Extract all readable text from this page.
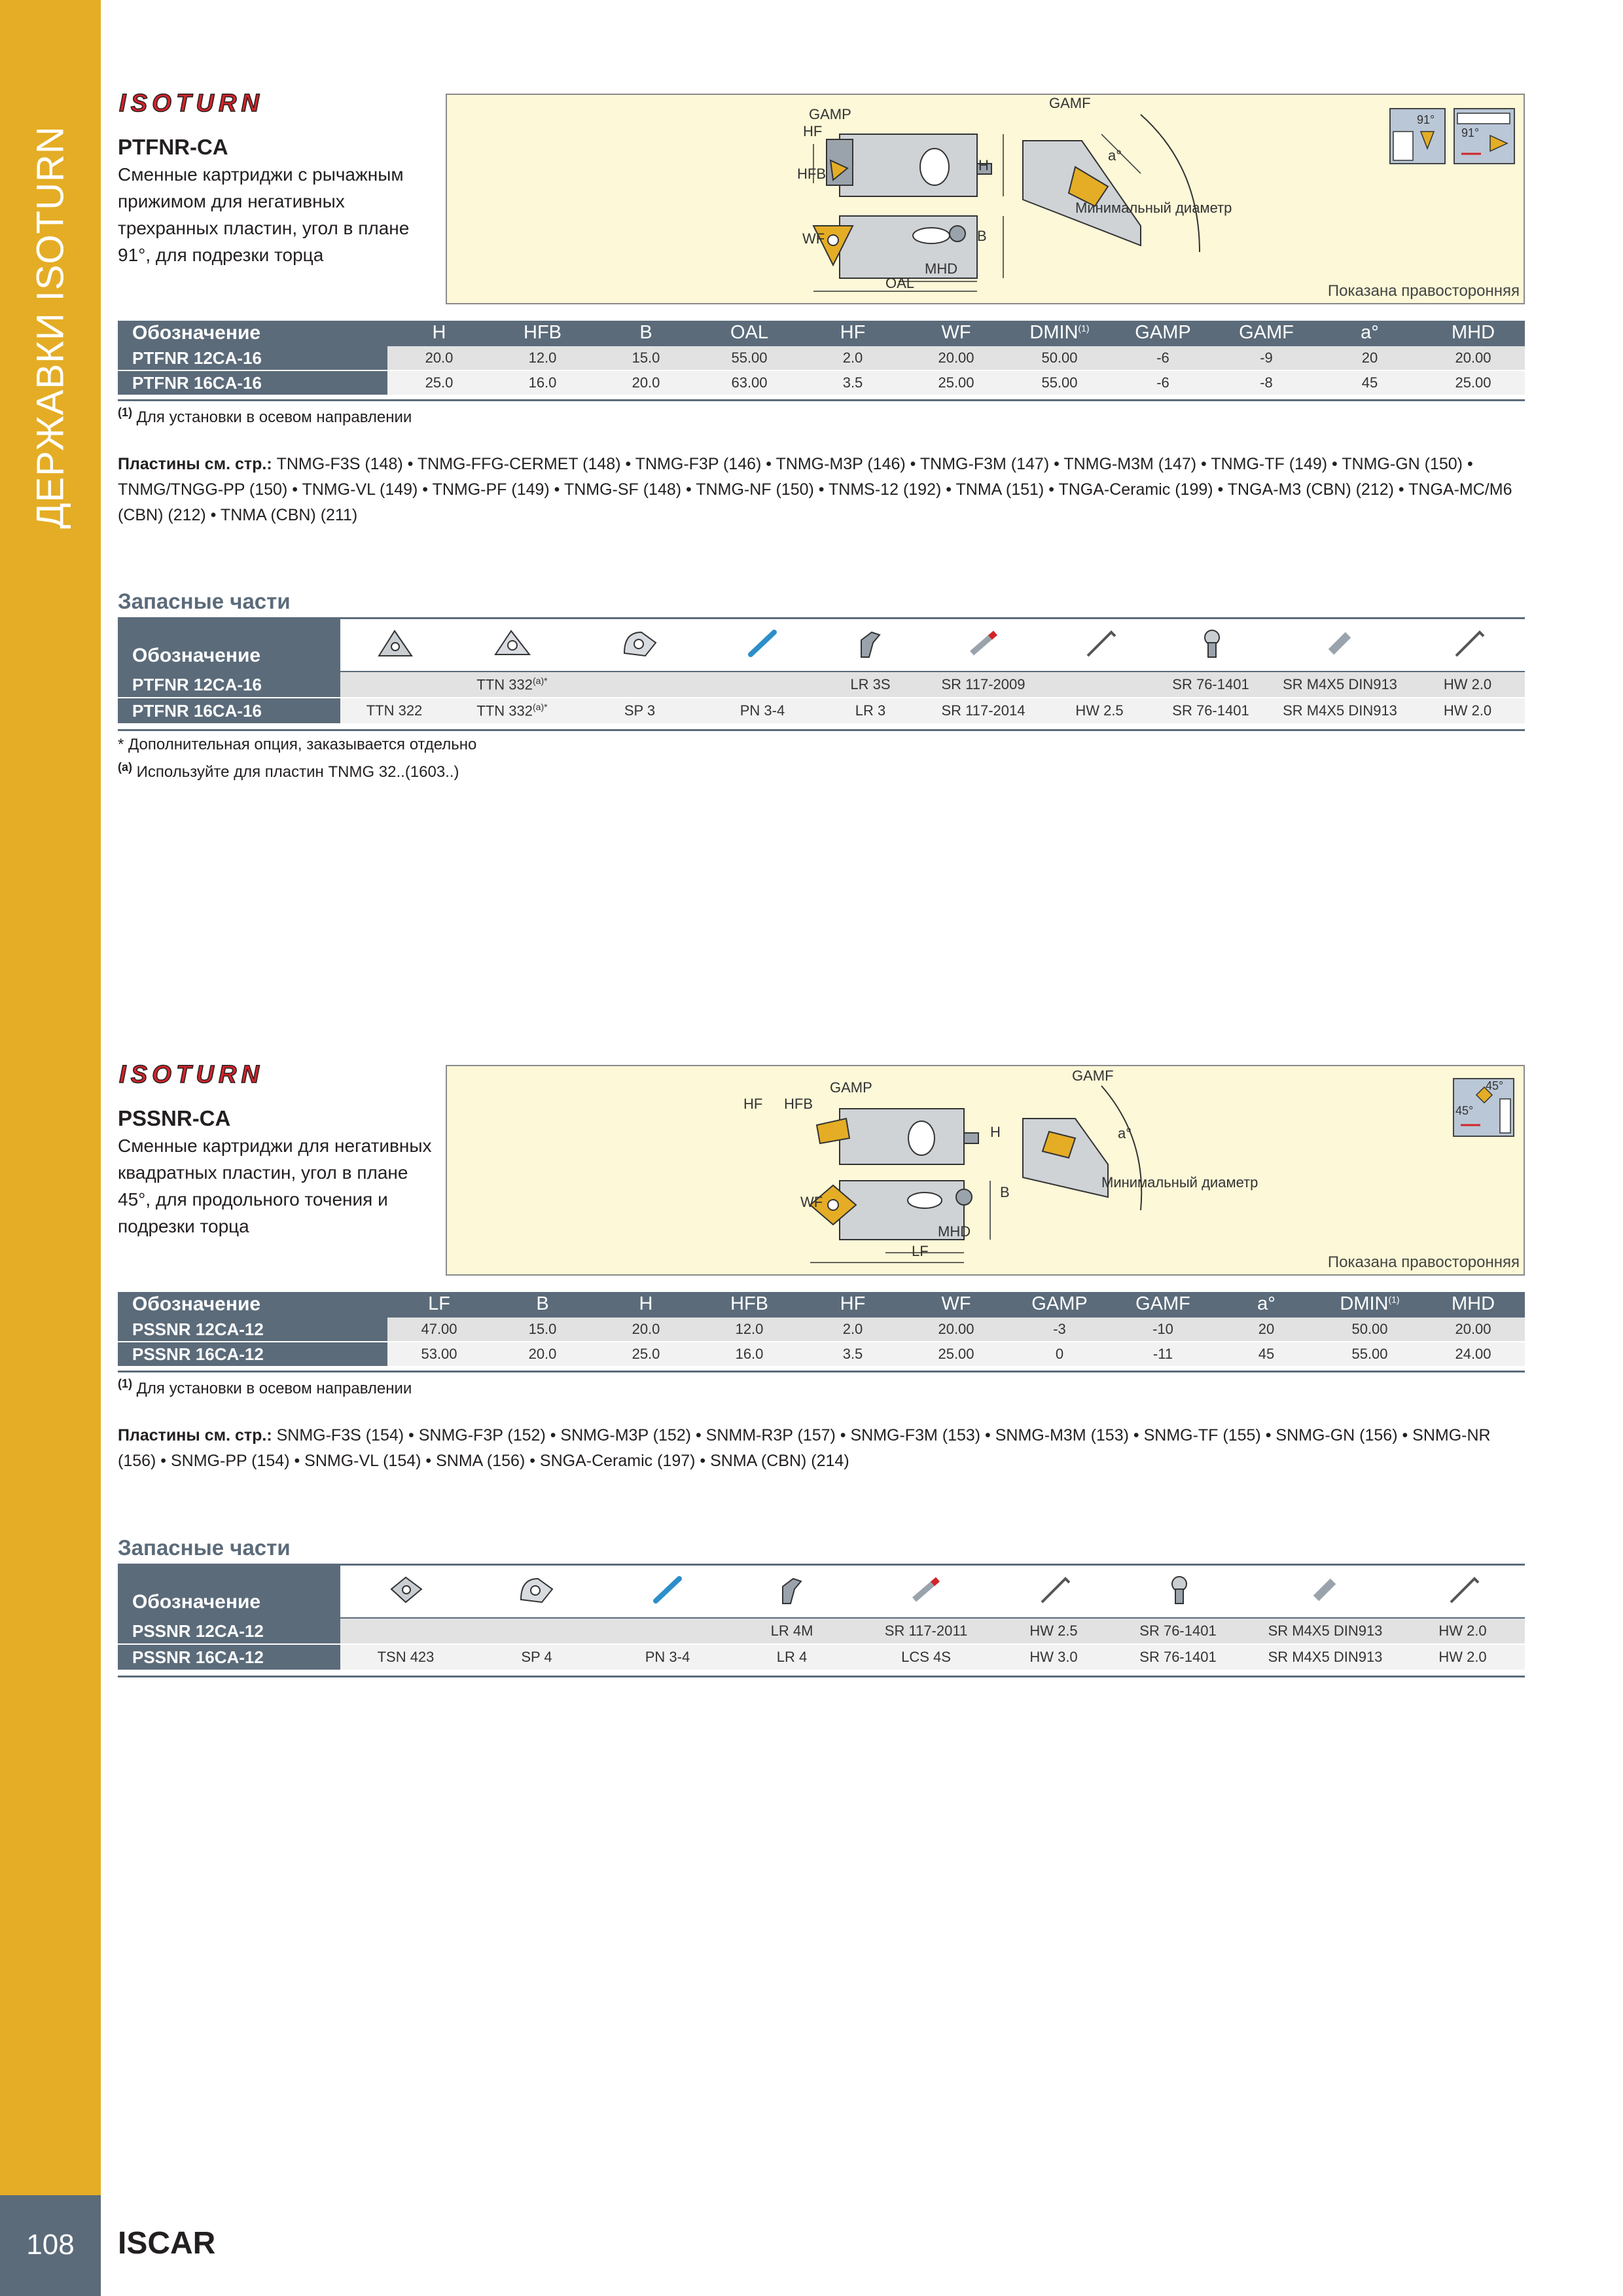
ДЕРЖАВКИ ISOTURN
108	ISCAR
ISOTURN
PTFNR-CA
Сменные картриджи с рычажным прижимом для негативных трехранных пластин, угол в плане 91°, для подрезки торца
HF
GAMP
GAMF
HFB
H
a°
WF	B
MHD
OAL
Минимальный диаметр
91°
91°
Показана правосторонняя
Обозначение	H	HFB	B	OAL	HF	WF	DMIN$^{(1)}$	GAMP	GAMF	a°	MHD
PTFNR 12CA-16	20.0	12.0	15.0	55.00	2.0	20.00	50.00	-6	-9	20	20.00
PTFNR 16CA-16	25.0	16.0	20.0	63.00	3.5	25.00	55.00	-6	-8	45	25.00
$^{(1)}$ Для установки в осевом направлении
Пластины см. стр.: TNMG-F3S (148) • TNMG-FFG-CERMET (148) • TNMG-F3P (146) • TNMG-M3P (146) • TNMG-F3M (147) • TNMG-M3M (147) • TNMG-TF (149) • TNMG-GN (150) • TNMG/TNGG-PP (150) • TNMG-VL (149) • TNMG-PF (149) • TNMG-SF (148) • TNMG-NF (150) • TNMS-12 (192) • TNMA (151) • TNGA-Ceramic (199) • TNGA-M3 (CBN) (212) • TNGA-MC/M6 (CBN) (212) • TNMA (CBN) (211)
Запасные части
Обозначение										
PTFNR 12CA-16		TTN $332^{(a)*}$			LR 3S	SR 117-2009		SR 76-1401	SR M4X5 DIN913	HW 2.0
PTFNR 16CA-16	TTN 322	TTN $332^{(a)*}$	SP 3	PN 3-4	LR 3	SR 117-2014	HW 2.5	SR 76-1401	SR M4X5 DIN913	HW 2.0
* Дополнительная опция, заказывается отдельно
$^{(a)}$ Используйте для пластин TNMG 32..(1603..)
ISOTURN
PSSNR-CA
Сменные картриджи для негативных квадратных пластин, угол в плане 45°, для продольного точения и подрезки торца
HF HFB
GAMP
GAMF
H	a°
WF
B
MHD
LF
Минимальный диаметр
45°
45°
Показана правосторонняя
Обозначение	LF	B	H	HFB	HF	WF	GAMP	GAMF	a°	DMIN$^{(1)}$	MHD
PSSNR 12CA-12	47.00	15.0	20.0	12.0	2.0	20.00	-3	-10	20	50.00	20.00
PSSNR 16CA-12	53.00	20.0	25.0	16.0	3.5	25.00	0	-11	45	55.00	24.00
$^{(1)}$ Для установки в осевом направлении
Пластины см. стр.: SNMG-F3S (154) • SNMG-F3P (152) • SNMG-M3P (152) • SNMM-R3P (157) • SNMG-F3M (153) • SNMG-M3M (153) • SNMG-TF (155) • SNMG-GN (156) • SNMG-NR (156) • SNMG-PP (154) • SNMG-VL (154) • SNMA (156) • SNGA-Ceramic (197) • SNMA (CBN) (214)
Запасные части
Обозначение									
PSSNR 12CA-12				LR 4M	SR 117-2011	HW 2.5	SR 76-1401	SR M4X5 DIN913	HW 2.0
PSSNR 16CA-12	TSN 423	SP 4	PN 3-4	LR 4	LCS 4S	HW 3.0	SR 76-1401	SR M4X5 DIN913	HW 2.0
